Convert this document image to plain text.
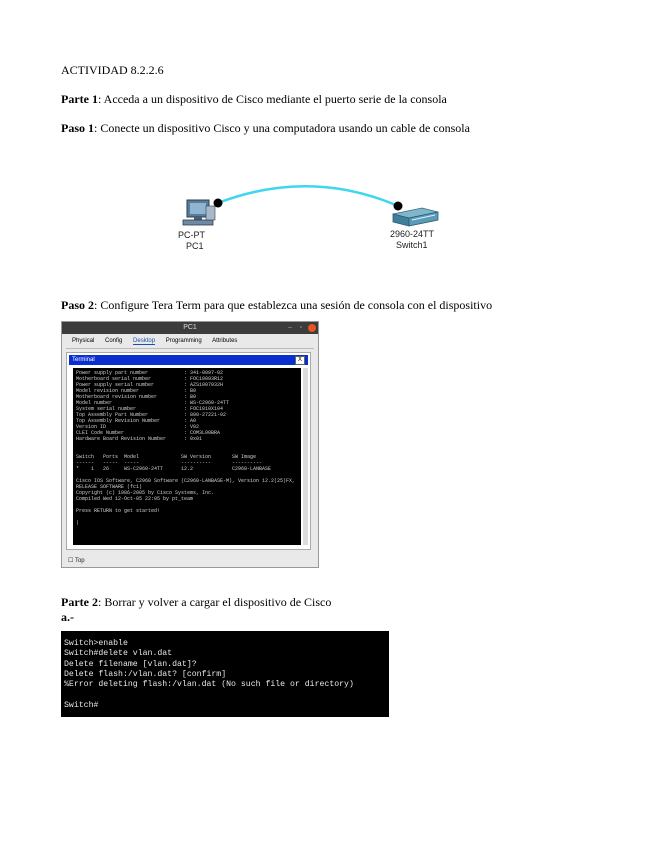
ACTIVIDAD 8.2.2.6
Parte 1: Acceda a un dispositivo de Cisco mediante el puerto serie de la consola
Paso 1: Conecte un dispositivo Cisco y una computadora usando un cable de consola
PC-PT
PC1
2960-24TT
Switch1
Paso 2: Configure Tera Term para que establezca una sesión de consola con el dispositivo
PC1	– ▫
Physical Config Desktop Programming Attributes
Terminal	X
Power supply part number            : 341-0097-02
Motherboard serial number           : FOC10093R12
Power supply serial number          : AZS1007032H
Model revision number               : B0
Motherboard revision number         : B0
Model number                        : WS-C2960-24TT
System serial number                : FOC1010X104
Top Assembly Part Number            : 800-27221-02
Top Assembly Revision Number        : A0
Version ID                          : V02
CLEI Code Number                    : COM3L00BRA
Hardware Board Revision Number      : 0x01

Switch   Ports  Model              SW Version       SW Image
------   -----  -----              ----------       ----------
*    1   26     WS-C2960-24TT      12.2             C2960-LANBASE

Cisco IOS Software, C2960 Software (C2960-LANBASE-M), Version 12.2(25)FX,
RELEASE SOFTWARE (fc1)
Copyright (c) 1986-2005 by Cisco Systems, Inc.
Compiled Wed 12-Oct-05 22:05 by pt_team

Press RETURN to get started!

|
☐ Top
Parte 2: Borrar y volver a cargar el dispositivo de Cisco
a.-
Switch>enable
Switch#delete vlan.dat
Delete filename [vlan.dat]?
Delete flash:/vlan.dat? [confirm]
%Error deleting flash:/vlan.dat (No such file or directory)

Switch#
